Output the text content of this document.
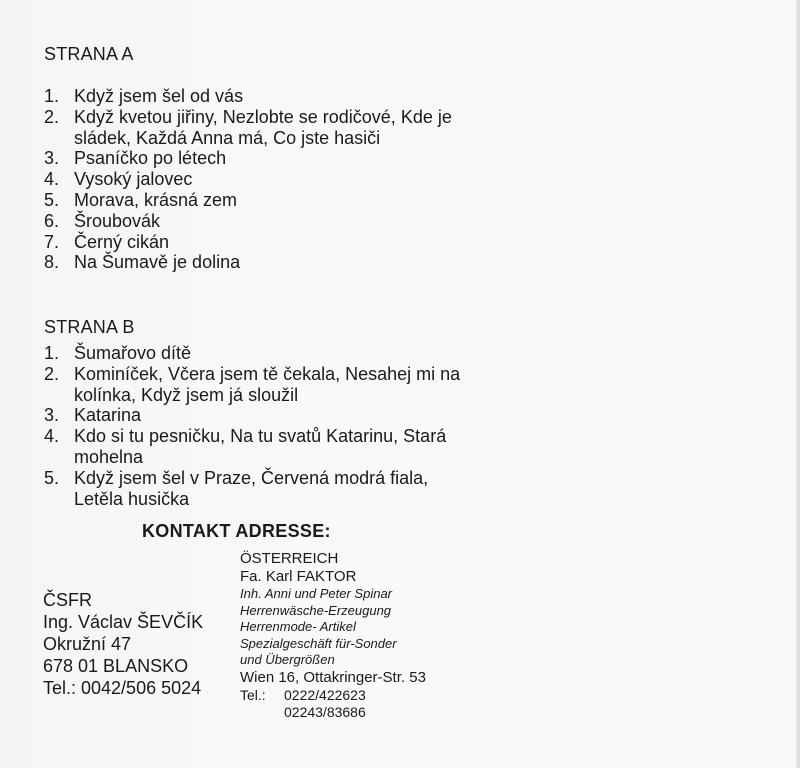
STRANA A
1. Když jsem šel od vás
2. Když kvetou jiřiny, Nezlobte se rodičové, Kde je sládek, Každá Anna má, Co jste hasiči
3. Psaníčko po létech
4. Vysoký jalovec
5. Morava, krásná zem
6. Šroubovák
7. Černý cikán
8. Na Šumavě je dolina
STRANA B
1. Šumařovo dítě
2. Kominíček, Včera jsem tě čekala, Nesahej mi na kolínka, Když jsem já sloužil
3. Katarina
4. Kdo si tu pesničku, Na tu svatů Katarinu, Stará mohelna
5. Když jsem šel v Praze, Červená modrá fiala, Letěla husička
KONTAKT ADRESSE:
ČSFR
Ing. Václav ŠEVČÍK
Okružní 47
678 01 BLANSKO
Tel.: 0042/506 5024
ÖSTERREICH
Fa. Karl FAKTOR
Inh. Anni und Peter Spinar
Herrenwäsche-Erzeugung
Herrenmode- Artikel
Spezialgeschäft für-Sonder
und Übergrößen
Wien 16, Ottakringer-Str. 53
Tel.:	0222/422623
02243/83686
